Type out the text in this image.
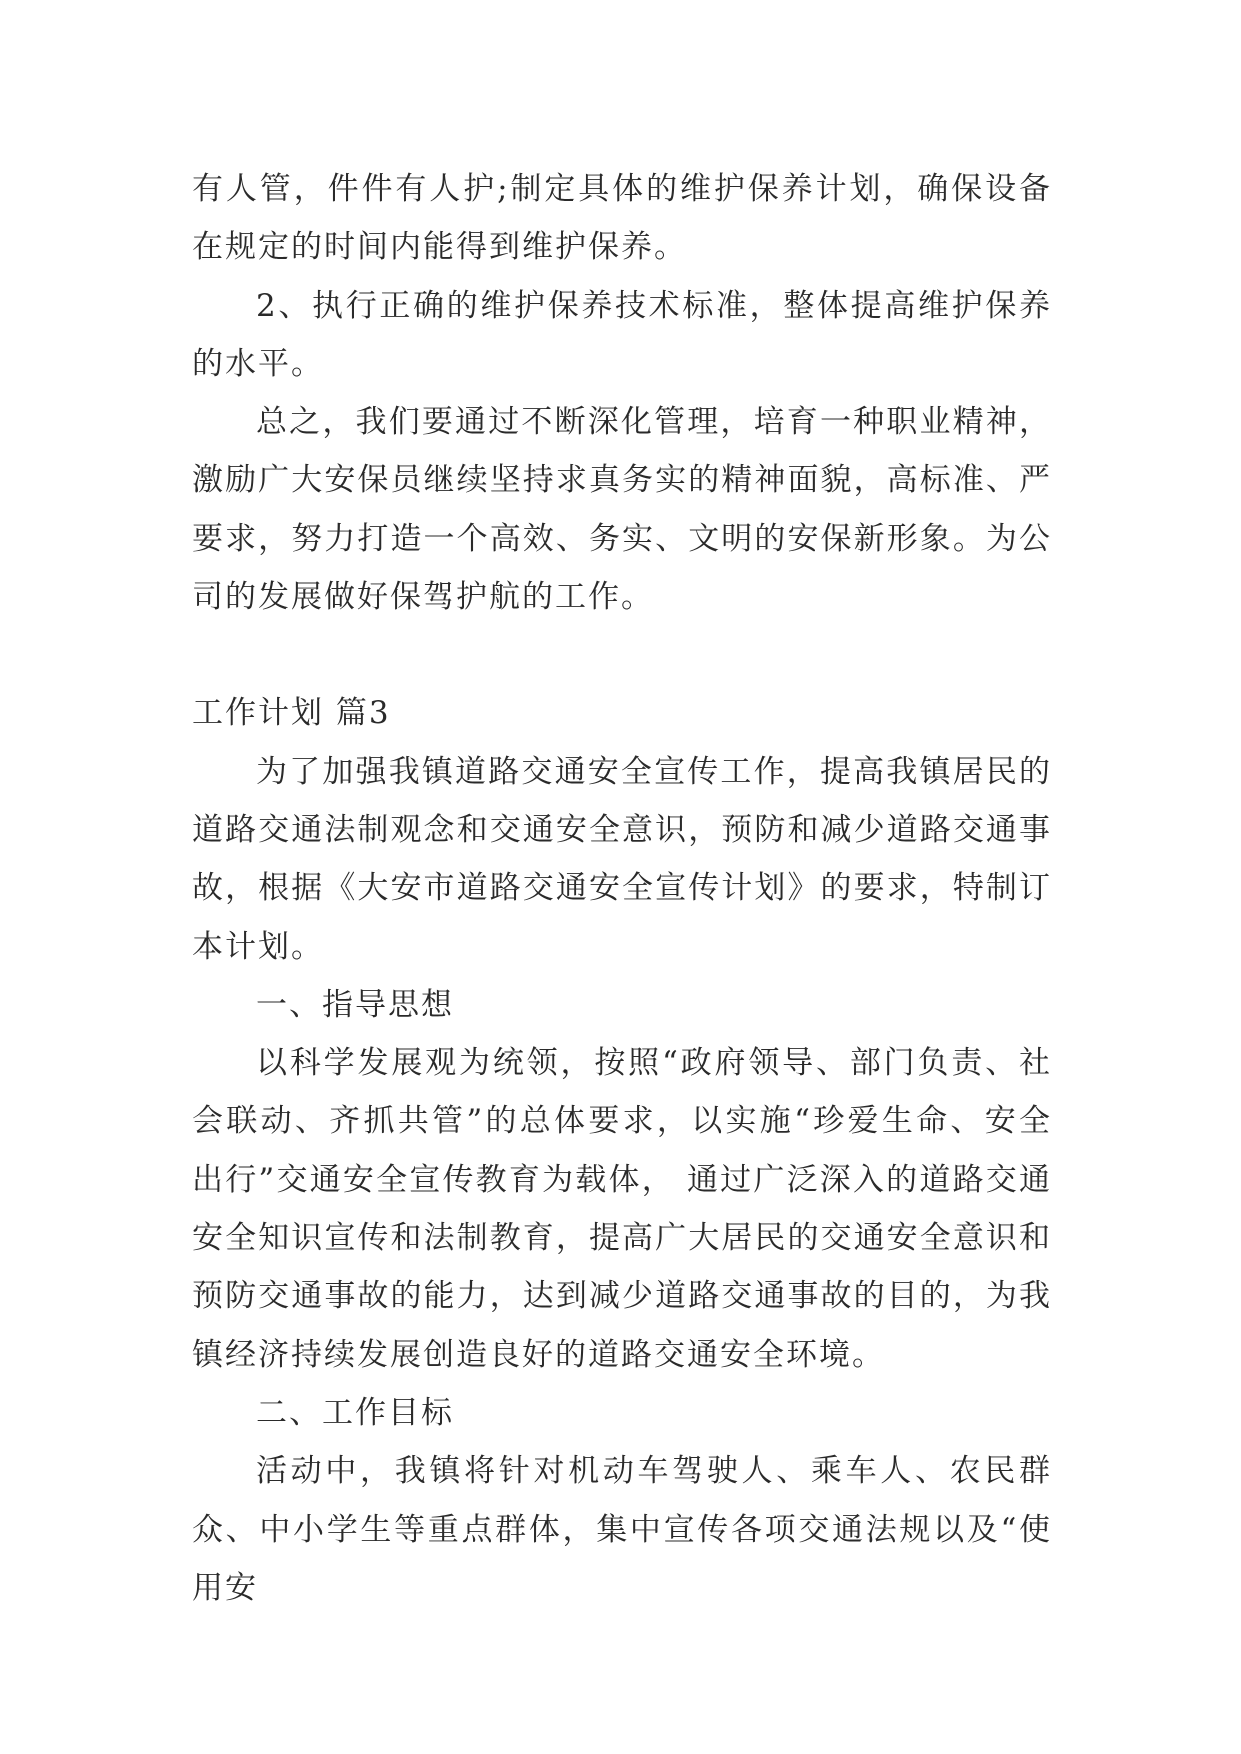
有人管，件件有人护;制定具体的维护保养计划，确保设备在规定的时间内能得到维护保养。

2、执行正确的维护保养技术标准，整体提高维护保养的水平。

总之，我们要通过不断深化管理，培育一种职业精神，激励广大安保员继续坚持求真务实的精神面貌，高标准、严要求，努力打造一个高效、务实、文明的安保新形象。为公司的发展做好保驾护航的工作。

工作计划 篇3

为了加强我镇道路交通安全宣传工作，提高我镇居民的道路交通法制观念和交通安全意识，预防和减少道路交通事故，根据《大安市道路交通安全宣传计划》的要求，特制订本计划。

一、指导思想

以科学发展观为统领，按照“政府领导、部门负责、社会联动、齐抓共管”的总体要求，以实施“珍爱生命、安全出行”交通安全宣传教育为载体， 通过广泛深入的道路交通安全知识宣传和法制教育，提高广大居民的交通安全意识和预防交通事故的能力，达到减少道路交通事故的目的，为我镇经济持续发展创造良好的道路交通安全环境。

二、工作目标

活动中，我镇将针对机动车驾驶人、乘车人、农民群众、中小学生等重点群体，集中宣传各项交通法规以及“使用安
